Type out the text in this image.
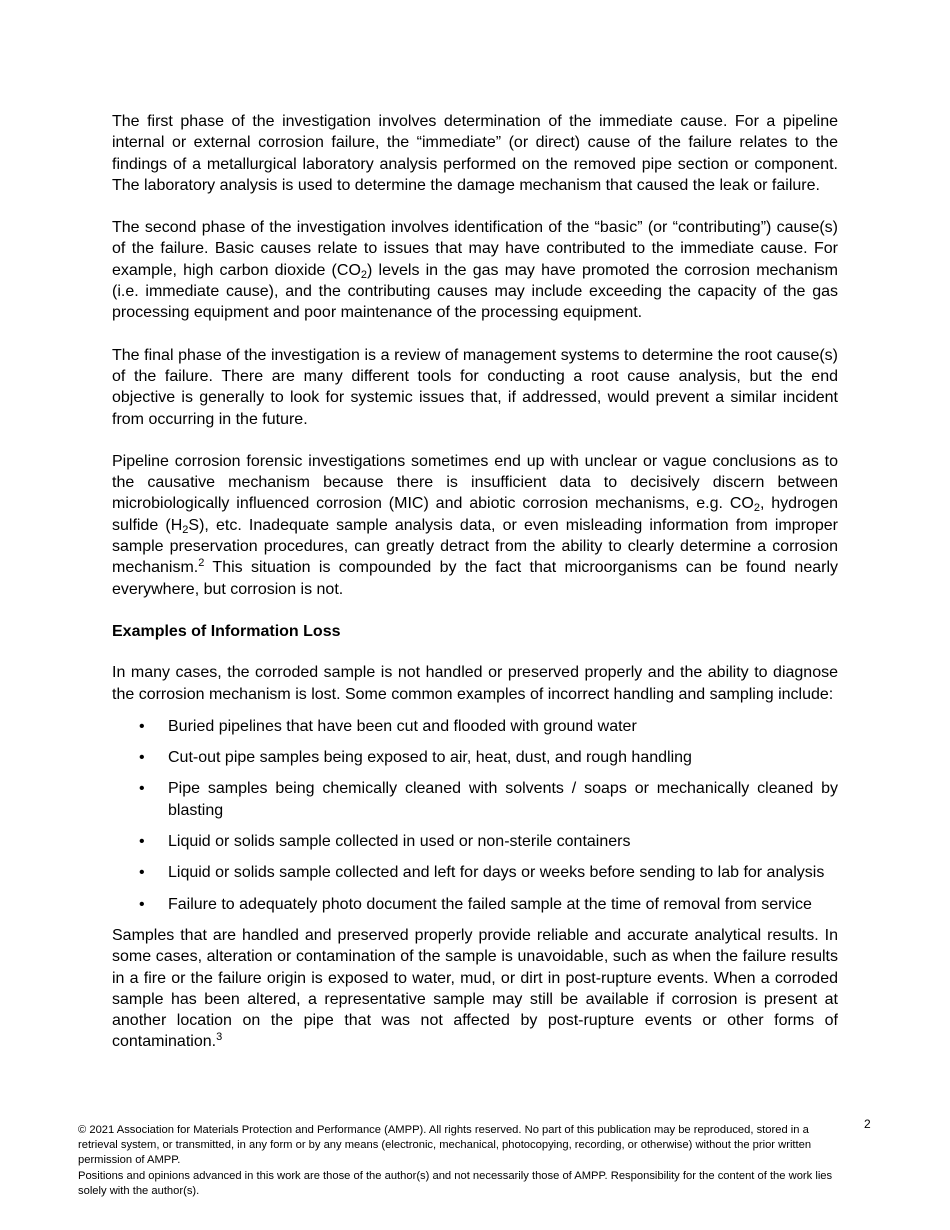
The first phase of the investigation involves determination of the immediate cause. For a pipeline internal or external corrosion failure, the “immediate” (or direct) cause of the failure relates to the findings of a metallurgical laboratory analysis performed on the removed pipe section or component. The laboratory analysis is used to determine the damage mechanism that caused the leak or failure.

The second phase of the investigation involves identification of the “basic” (or “contributing”) cause(s) of the failure. Basic causes relate to issues that may have contributed to the immediate cause. For example, high carbon dioxide $(CO_2)$ levels in the gas may have promoted the corrosion mechanism (i.e. immediate cause), and the contributing causes may include exceeding the capacity of the gas processing equipment and poor maintenance of the processing equipment.

The final phase of the investigation is a review of management systems to determine the root cause(s) of the failure. There are many different tools for conducting a root cause analysis, but the end objective is generally to look for systemic issues that, if addressed, would prevent a similar incident from occurring in the future.

Pipeline corrosion forensic investigations sometimes end up with unclear or vague conclusions as to the causative mechanism because there is insufficient data to decisively discern between microbiologically influenced corrosion (MIC) and abiotic corrosion mechanisms, e.g. $CO_2$, hydrogen sulfide $(H_2S)$, etc. Inadequate sample analysis data, or even misleading information from improper sample preservation procedures, can greatly detract from the ability to clearly determine a corrosion mechanism.$^2$ This situation is compounded by the fact that microorganisms can be found nearly everywhere, but corrosion is not.

Examples of Information Loss

In many cases, the corroded sample is not handled or preserved properly and the ability to diagnose the corrosion mechanism is lost. Some common examples of incorrect handling and sampling include:

• Buried pipelines that have been cut and flooded with ground water
• Cut-out pipe samples being exposed to air, heat, dust, and rough handling
• Pipe samples being chemically cleaned with solvents / soaps or mechanically cleaned by blasting
• Liquid or solids sample collected in used or non-sterile containers
• Liquid or solids sample collected and left for days or weeks before sending to lab for analysis
• Failure to adequately photo document the failed sample at the time of removal from service

Samples that are handled and preserved properly provide reliable and accurate analytical results. In some cases, alteration or contamination of the sample is unavoidable, such as when the failure results in a fire or the failure origin is exposed to water, mud, or dirt in post-rupture events. When a corroded sample has been altered, a representative sample may still be available if corrosion is present at another location on the pipe that was not affected by post-rupture events or other forms of contamination.$^3$

© 2021 Association for Materials Protection and Performance (AMPP). All rights reserved. No part of this publication may be reproduced, stored in a retrieval system, or transmitted, in any form or by any means (electronic, mechanical, photocopying, recording, or otherwise) without the prior written permission of AMPP.

Positions and opinions advanced in this work are those of the author(s) and not necessarily those of AMPP. Responsibility for the content of the work lies solely with the author(s).

2
